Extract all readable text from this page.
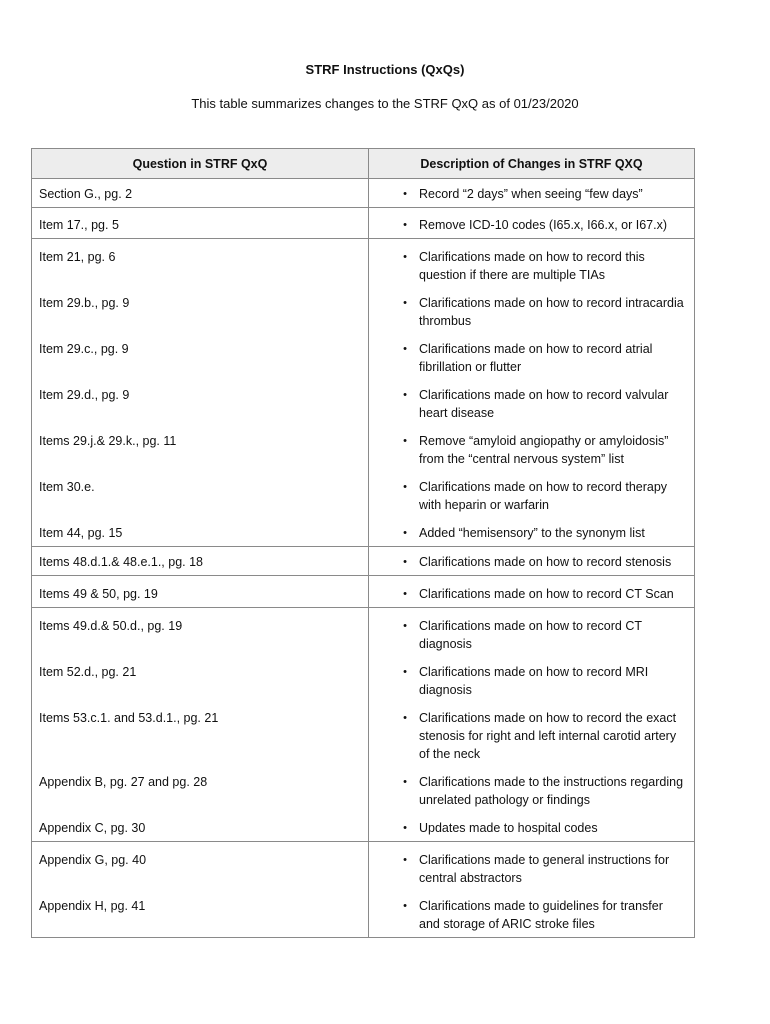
STRF Instructions (QxQs)
This table summarizes changes to the STRF QxQ as of 01/23/2020
Question in STRF QxQ	Description of Changes in STRF QXQ

Section G., pg. 2	• Record “2 days” when seeing “few days”

Item 17., pg. 5	• Remove ICD-10 codes (I65.x, I66.x, or I67.x)

Item 21, pg. 6	• Clarifications made on how to record this question if there are multiple TIAs

Item 29.b., pg. 9	• Clarifications made on how to record intracardia thrombus

Item 29.c., pg. 9	• Clarifications made on how to record atrial fibrillation or flutter

Item 29.d., pg. 9	• Clarifications made on how to record valvular heart disease

Items 29.j.& 29.k., pg. 11	• Remove “amyloid angiopathy or amyloidosis” from the “central nervous system” list

Item 30.e.	• Clarifications made on how to record therapy with heparin or warfarin

Item 44, pg. 15	• Added “hemisensory” to the synonym list

Items 48.d.1.& 48.e.1., pg. 18	• Clarifications made on how to record stenosis

Items 49 & 50, pg. 19	• Clarifications made on how to record CT Scan

Items 49.d.& 50.d., pg. 19	• Clarifications made on how to record CT diagnosis

Item 52.d., pg. 21	• Clarifications made on how to record MRI diagnosis

Items 53.c.1. and 53.d.1., pg. 21	• Clarifications made on how to record the exact stenosis for right and left internal carotid artery of the neck

Appendix B, pg. 27 and pg. 28	• Clarifications made to the instructions regarding unrelated pathology or findings

Appendix C, pg. 30	• Updates made to hospital codes

Appendix G, pg. 40	• Clarifications made to general instructions for central abstractors

Appendix H, pg. 41	• Clarifications made to guidelines for transfer and storage of ARIC stroke files
